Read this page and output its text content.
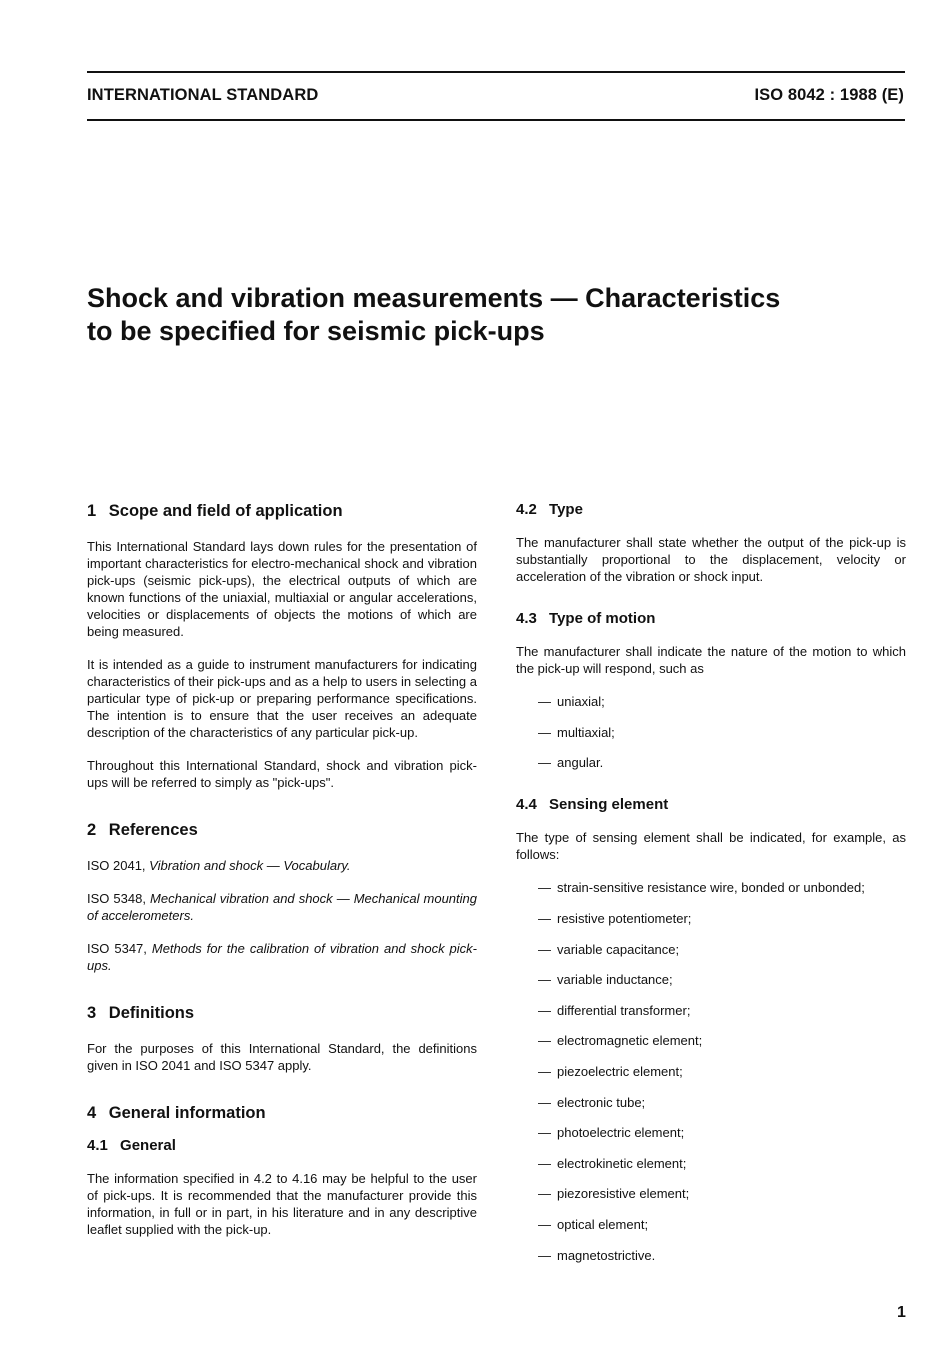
INTERNATIONAL STANDARD	ISO 8042 : 1988 (E)
Shock and vibration measurements — Characteristics
to be specified for seismic pick-ups
1 Scope and field of application

This International Standard lays down rules for the presentation of important characteristics for electro-mechanical shock and vibration pick-ups (seismic pick-ups), the electrical outputs of which are known functions of the uniaxial, multiaxial or angular accelerations, velocities or displacements of objects the motions of which are being measured.

It is intended as a guide to instrument manufacturers for indicating characteristics of their pick-ups and as a help to users in selecting a particular type of pick-up or preparing performance specifications. The intention is to ensure that the user receives an adequate description of the characteristics of any particular pick-up.

Throughout this International Standard, shock and vibration pick-ups will be referred to simply as "pick-ups".

2 References

ISO 2041, Vibration and shock — Vocabulary.

ISO 5348, Mechanical vibration and shock — Mechanical mounting of accelerometers.

ISO 5347, Methods for the calibration of vibration and shock pick-ups.

3 Definitions

For the purposes of this International Standard, the definitions given in ISO 2041 and ISO 5347 apply.

4 General information
4.1 General

The information specified in 4.2 to 4.16 may be helpful to the user of pick-ups. It is recommended that the manufacturer provide this information, in full or in part, in his literature and in any descriptive leaflet supplied with the pick-up.

4.2 Type

The manufacturer shall state whether the output of the pick-up is substantially proportional to the displacement, velocity or acceleration of the vibration or shock input.

4.3 Type of motion

The manufacturer shall indicate the nature of the motion to which the pick-up will respond, such as

— uniaxial;
— multiaxial;
— angular.
4.4 Sensing element

The type of sensing element shall be indicated, for example, as follows:

— strain-sensitive resistance wire, bonded or unbonded;
— resistive potentiometer;
— variable capacitance;
— variable inductance;
— differential transformer;
— electromagnetic element;
— piezoelectric element;
— electronic tube;
— photoelectric element;
— electrokinetic element;
— piezoresistive element;
— optical element;
— magnetostrictive.
1
